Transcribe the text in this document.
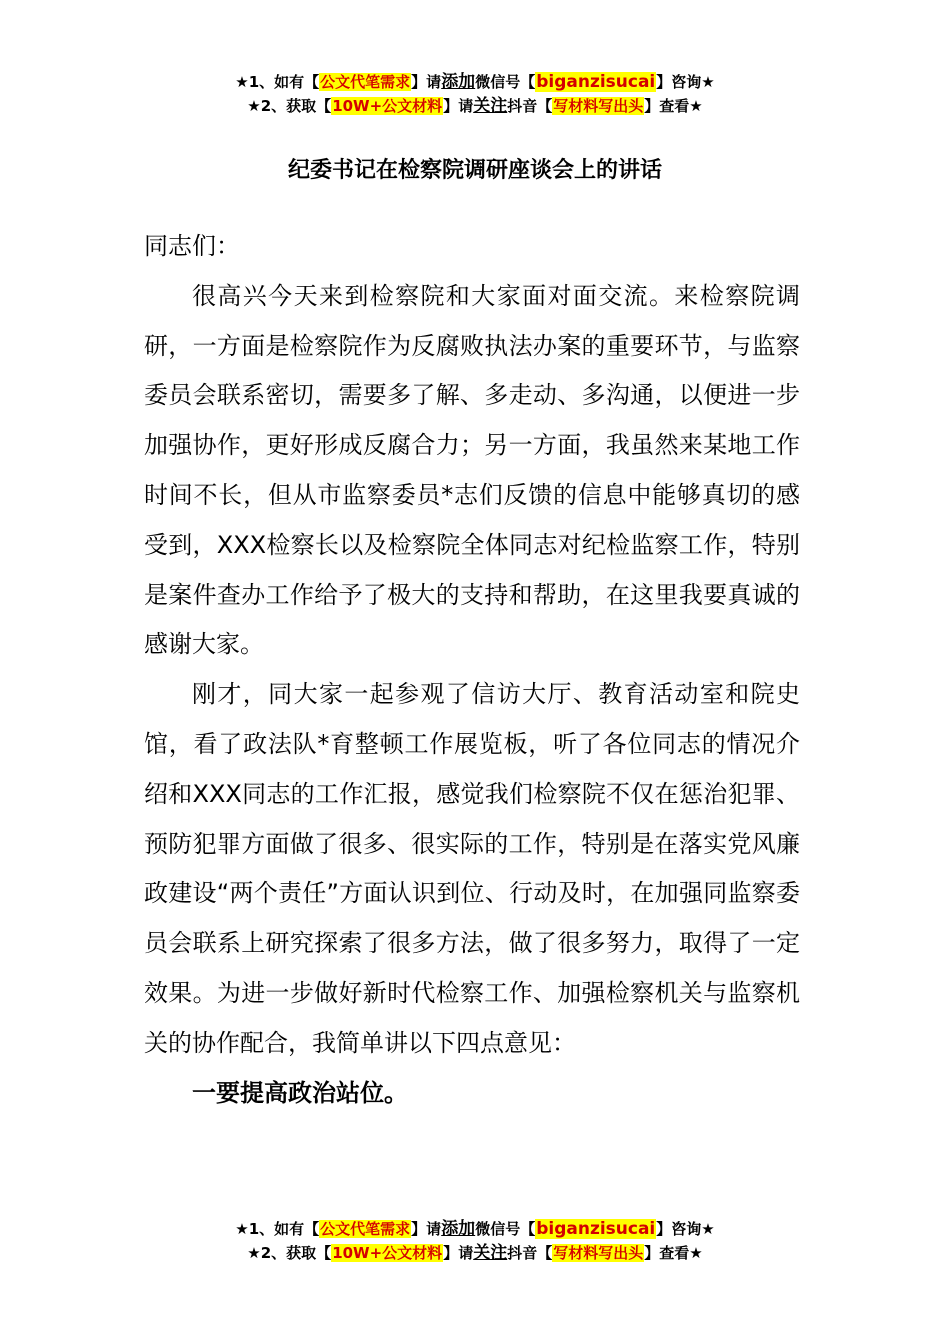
★1、如有【公文代笔需求】请添加微信号【biganzisucai】咨询★
★2、获取【10W+公文材料】请关注抖音【写材料写出头】查看★
纪委书记在检察院调研座谈会上的讲话

同志们：

很高兴今天来到检察院和大家面对面交流。来检察院调研，一方面是检察院作为反腐败执法办案的重要环节，与监察委员会联系密切，需要多了解、多走动、多沟通，以便进一步加强协作，更好形成反腐合力；另一方面，我虽然来某地工作时间不长，但从市监察委员*志们反馈的信息中能够真切的感受到，XXX检察长以及检察院全体同志对纪检监察工作，特别是案件查办工作给予了极大的支持和帮助，在这里我要真诚的感谢大家。

刚才，同大家一起参观了信访大厅、教育活动室和院史馆，看了政法队*育整顿工作展览板，听了各位同志的情况介绍和XXX同志的工作汇报，感觉我们检察院不仅在惩治犯罪、预防犯罪方面做了很多、很实际的工作，特别是在落实党风廉政建设“两个责任”方面认识到位、行动及时，在加强同监察委员会联系上研究探索了很多方法，做了很多努力，取得了一定效果。为进一步做好新时代检察工作、加强检察机关与监察机关的协作配合，我简单讲以下四点意见：

一要提高政治站位。

★1、如有【公文代笔需求】请添加微信号【biganzisucai】咨询★
★2、获取【10W+公文材料】请关注抖音【写材料写出头】查看★
